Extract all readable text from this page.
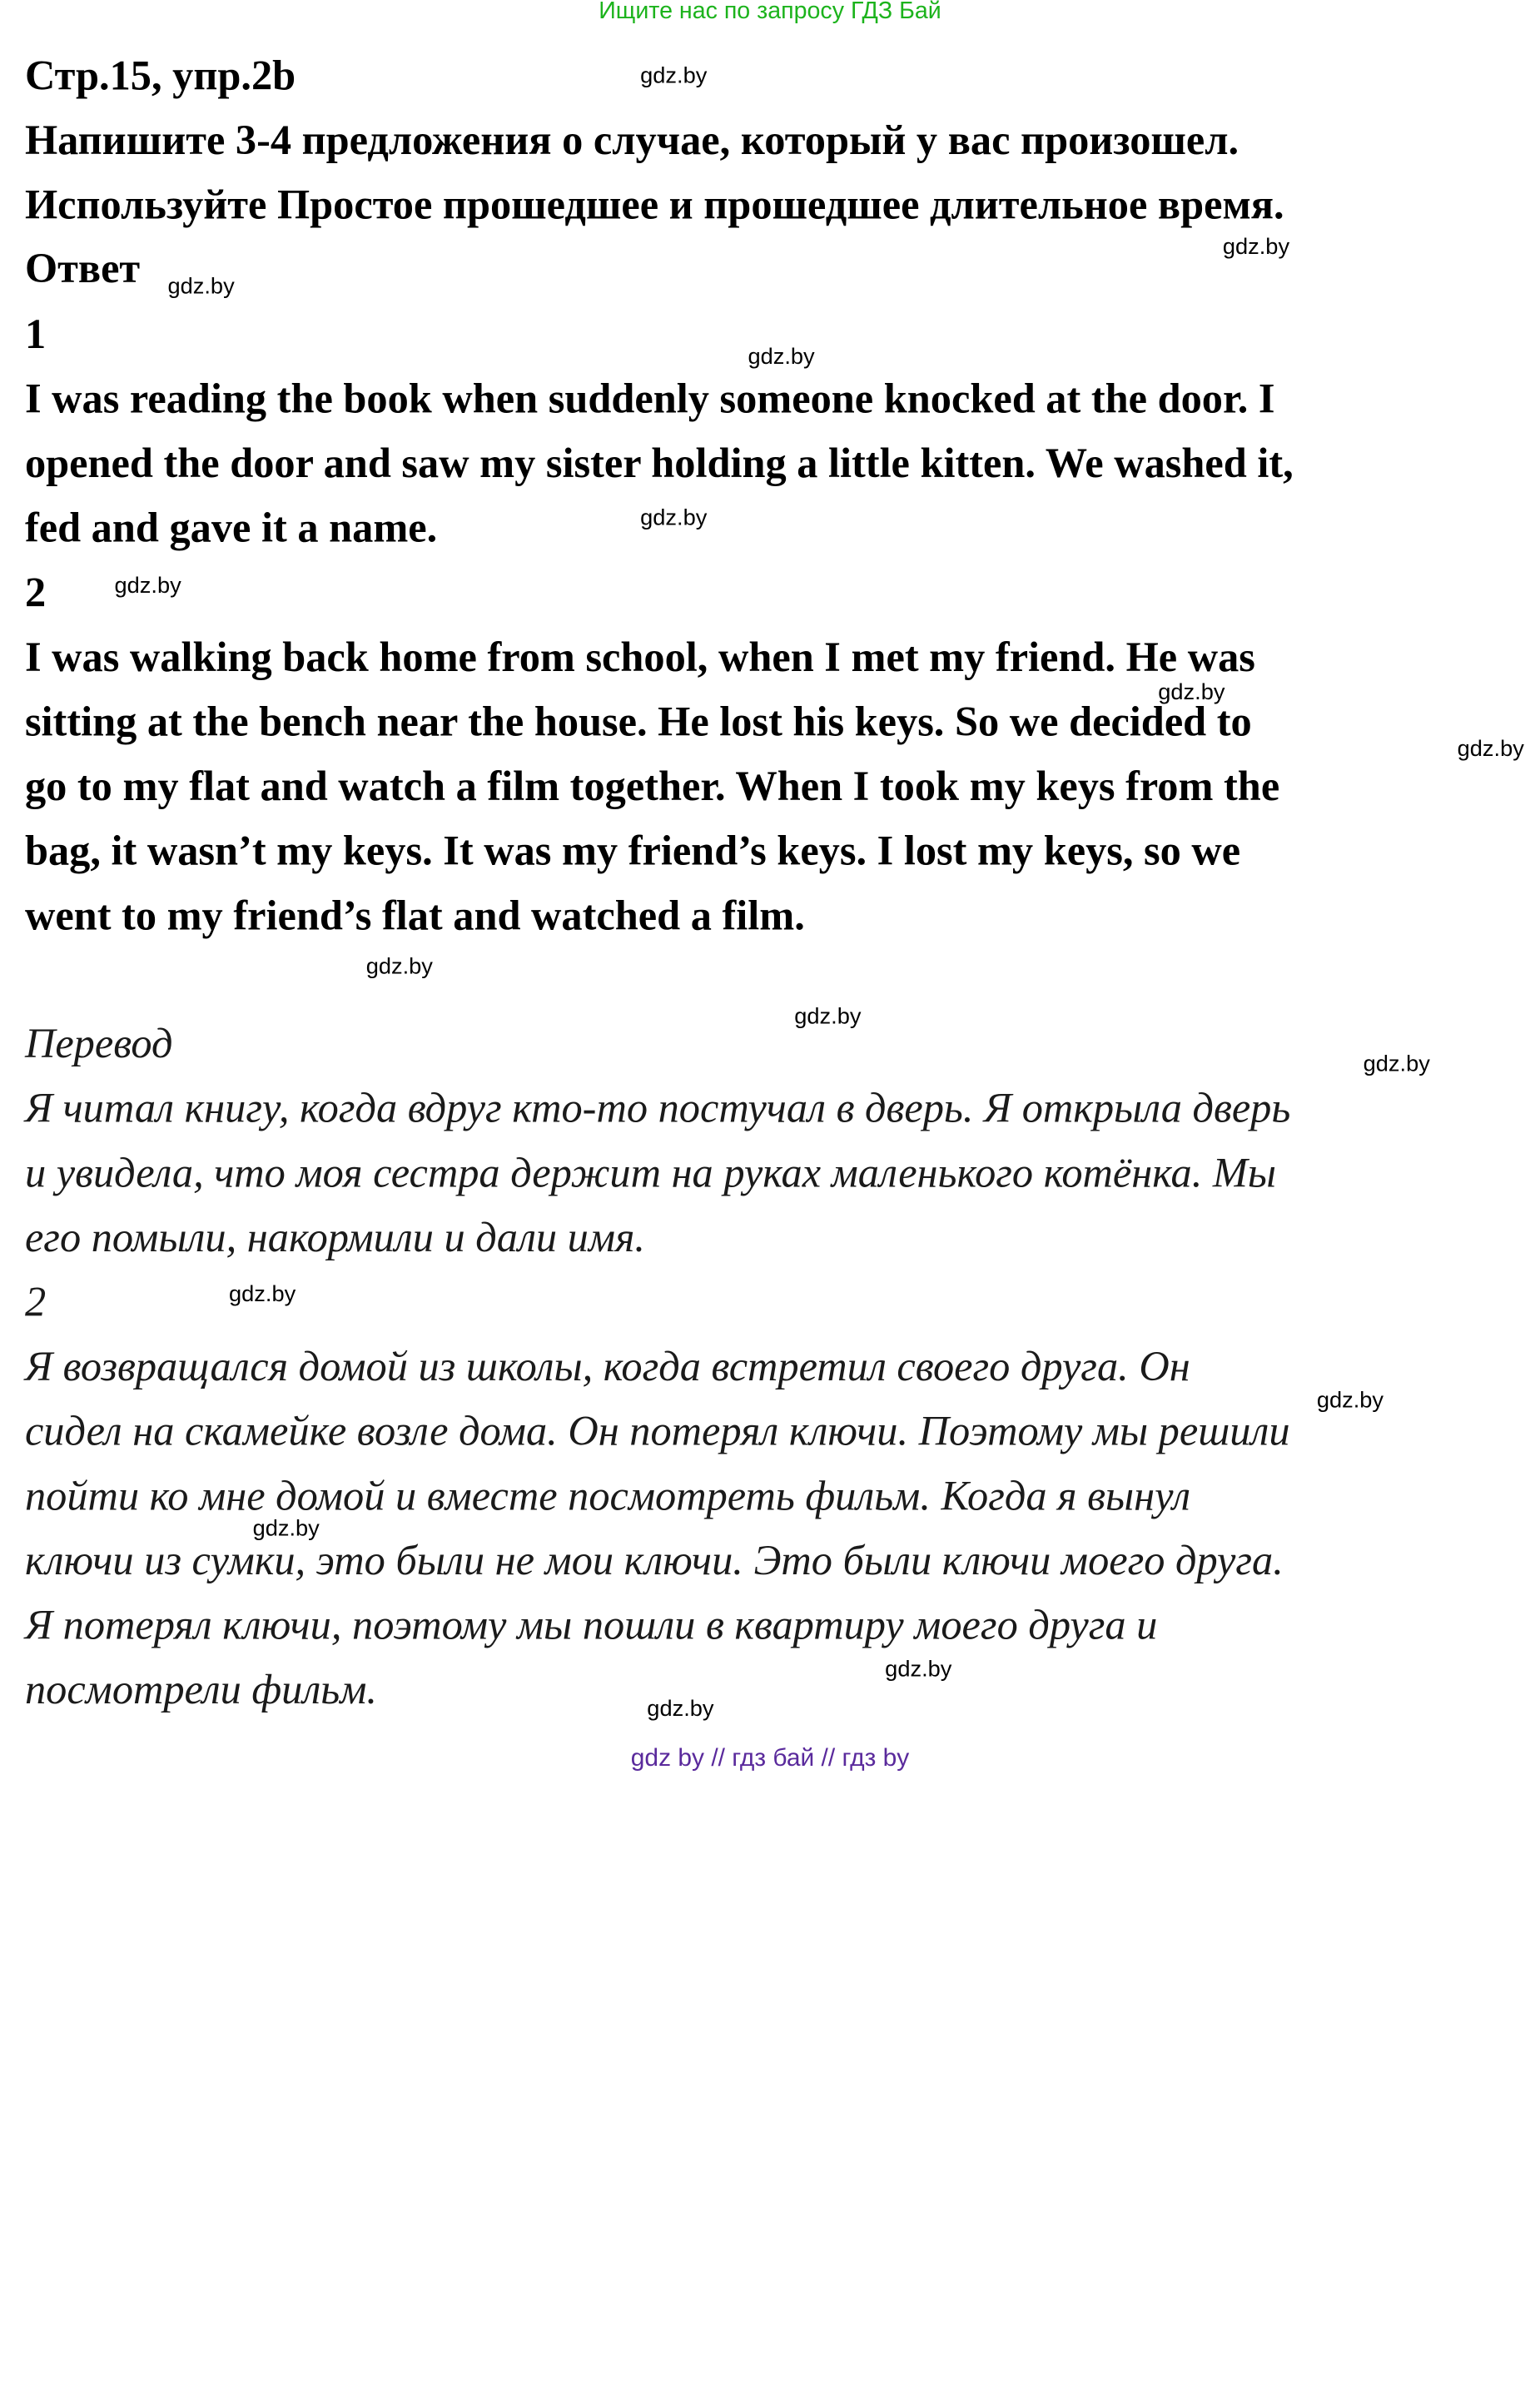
Ищите нас по запросу ГДЗ Бай
Стр.15, упр.2b
Напишите 3-4 предложения о случае, который у вас произошел.
Используйте Простое прошедшее и прошедшее длительное время.
Ответ
1
I was reading the book when suddenly someone knocked at the door. I
opened the door and saw my sister holding a little kitten. We washed it,
fed and gave it a name.
2
I was walking back home from school, when I met my friend. He was
sitting at the bench near the house. He lost his keys. So we decided to
go to my flat and watch a film together. When I took my keys from the
bag, it wasn’t my keys. It was my friend’s keys. I lost my keys, so we
went to my friend’s flat and watched a film.
Перевод
Я читал книгу, когда вдруг кто-то постучал в дверь. Я открыла дверь
и увидела, что моя сестра держит на руках маленького котёнка. Мы
его помыли, накормили и дали имя.
2
Я возвращался домой из школы, когда встретил своего друга. Он
сидел на скамейке возле дома. Он потерял ключи. Поэтому мы решили
пойти ко мне домой и вместе посмотреть фильм. Когда я вынул
ключи из сумки, это были не мои ключи. Это были ключи моего друга.
Я потерял ключи, поэтому мы пошли в квартиру моего друга и
посмотрели фильм.
gdz.by
gdz.by
gdz.by
gdz.by
gdz.by
gdz.by
gdz.by
gdz.by
gdz.by
gdz.by
gdz.by
gdz.by
gdz.by
gdz.by
gdz.by
gdz.by
gdz by // гдз бай // гдз by
